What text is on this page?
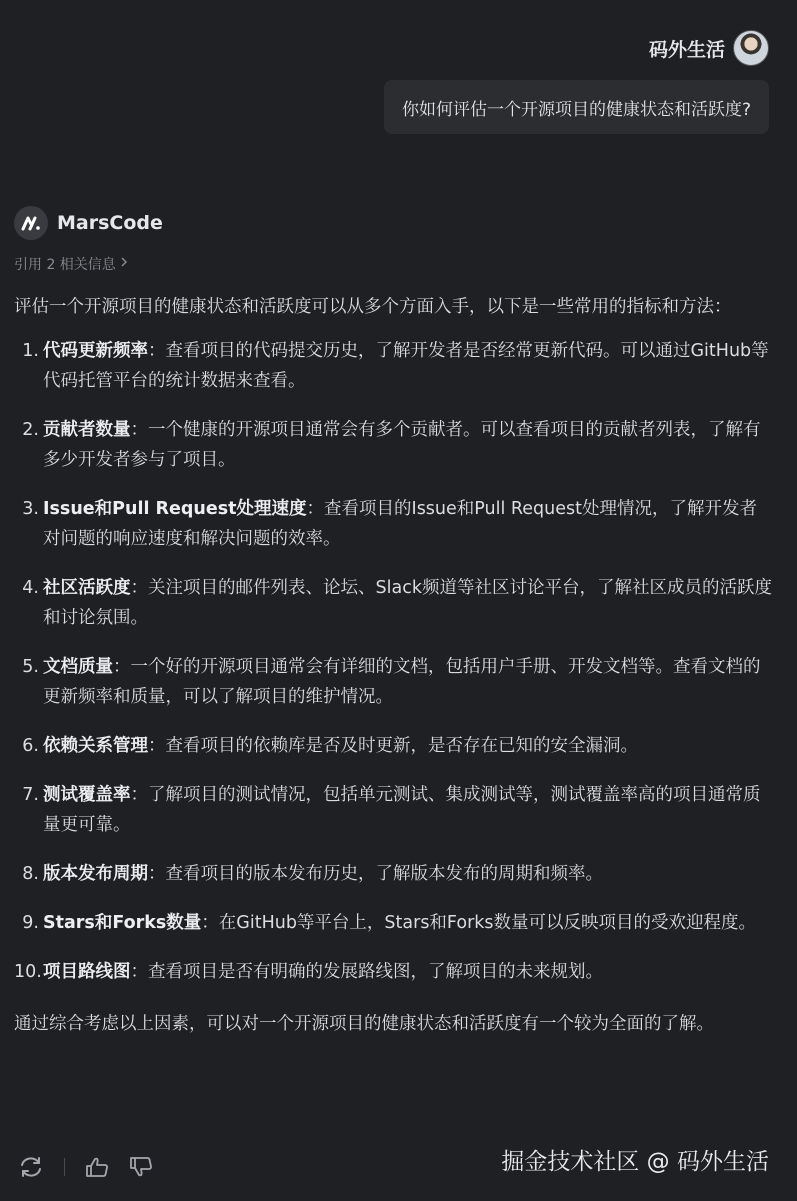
码外生活
你如何评估一个开源项目的健康状态和活跃度?
MarsCode
引用 2 相关信息
评估一个开源项目的健康状态和活跃度可以从多个方面入手，以下是一些常用的指标和方法：
1. 代码更新频率：查看项目的代码提交历史，了解开发者是否经常更新代码。可以通过GitHub等代码托管平台的统计数据来查看。
2. 贡献者数量：一个健康的开源项目通常会有多个贡献者。可以查看项目的贡献者列表，了解有多少开发者参与了项目。
3. Issue和Pull Request处理速度：查看项目的Issue和Pull Request处理情况，了解开发者对问题的响应速度和解决问题的效率。
4. 社区活跃度：关注项目的邮件列表、论坛、Slack频道等社区讨论平台，了解社区成员的活跃度和讨论氛围。
5. 文档质量：一个好的开源项目通常会有详细的文档，包括用户手册、开发文档等。查看文档的更新频率和质量，可以了解项目的维护情况。
6. 依赖关系管理：查看项目的依赖库是否及时更新，是否存在已知的安全漏洞。
7. 测试覆盖率：了解项目的测试情况，包括单元测试、集成测试等，测试覆盖率高的项目通常质量更可靠。
8. 版本发布周期：查看项目的版本发布历史，了解版本发布的周期和频率。
9. Stars和Forks数量：在GitHub等平台上，Stars和Forks数量可以反映项目的受欢迎程度。
10. 项目路线图：查看项目是否有明确的发展路线图，了解项目的未来规划。
通过综合考虑以上因素，可以对一个开源项目的健康状态和活跃度有一个较为全面的了解。
掘金技术社区 @ 码外生活
